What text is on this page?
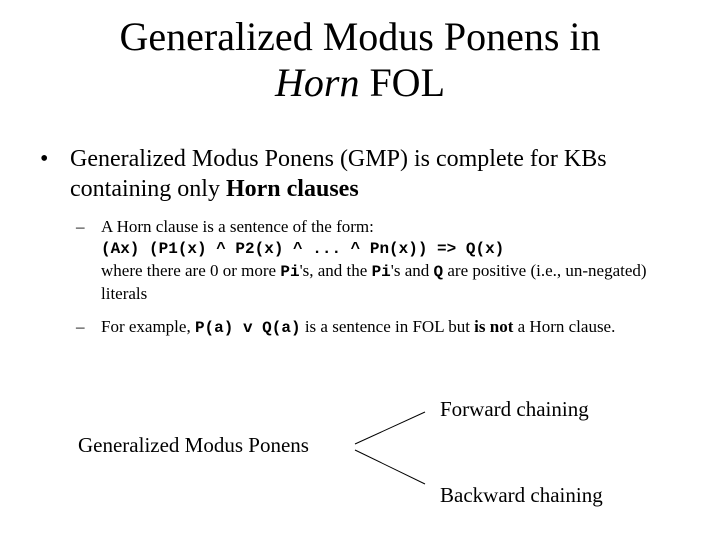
Generalized Modus Ponens in
Horn FOL
• Generalized Modus Ponens (GMP) is complete for KBs containing only Horn clauses
– A Horn clause is a sentence of the form:
(Ax) (P1(x) ^ P2(x) ^ ... ^ Pn(x)) => Q(x)
where there are 0 or more Pi's, and the Pi's and Q are positive (i.e., un-negated) literals
– For example, P(a) v Q(a) is a sentence in FOL but is not a Horn clause.
Forward chaining
Generalized Modus Ponens
Backward chaining
